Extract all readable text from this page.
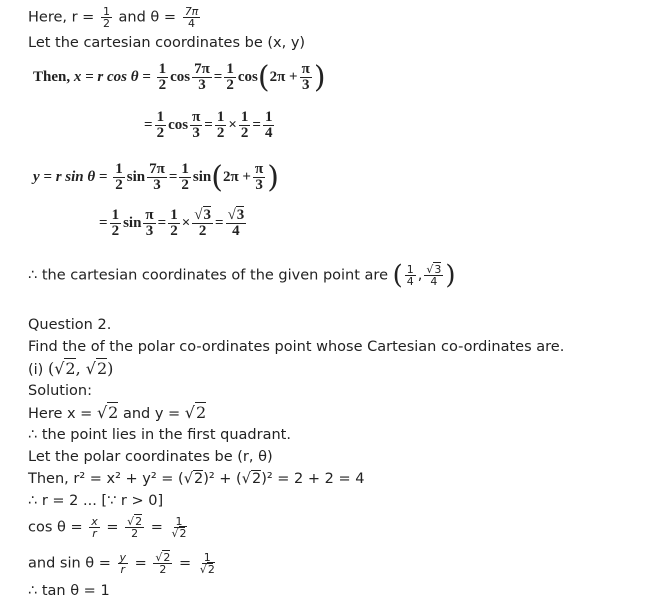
Here, $r = \frac{1}{2}$ and $\theta = \frac{7\pi}{4}$
Let the cartesian coordinates be (x, y)
Then, x = r $\cos \theta = \frac{1}{2}$ $\cos \frac{7\pi}{3} = \frac{1}{2} \cos(2\pi + \frac{\pi}{3}$ )
= $\frac{1}{2}$ $\cos \frac{\pi}{3} = \frac{1}{2} \times \frac{1}{2} = \frac{1}{4}$
y = r $\sin \theta = \frac{1}{2}$ $\sin \frac{7\pi}{3} = \frac{1}{2} \sin(2\pi + \frac{\pi}{3}$ )
= $\frac{1}{2}$ $\sin \frac{\pi}{3} = \frac{1}{2} \times \frac{√3}{2} = \frac{√3}{4}$
∴ the cartesian coordinates of the given point are ( $\frac{1}{4}$ , $\frac{√3}{4}$ )
Question 2.
Find the of the polar co-ordinates point whose Cartesian co-ordinates are.
(i) (√2, √2)
Solution:
Here x = √2 and y = √2
∴ the point lies in the first quadrant.
Let the polar coordinates be (r, θ)
Then, r² = x² + y² = (√2)² + (√2)² = 2 + 2 = 4
∴ r = 2 ... [∵ r > 0]
$\cos \theta = \frac{x}{r} = \frac{√2}{2} = \frac{1}{√2}$
and $\sin \theta = \frac{y}{r} = \frac{√2}{2} = \frac{1}{√2}$
∴ tan θ = 1
